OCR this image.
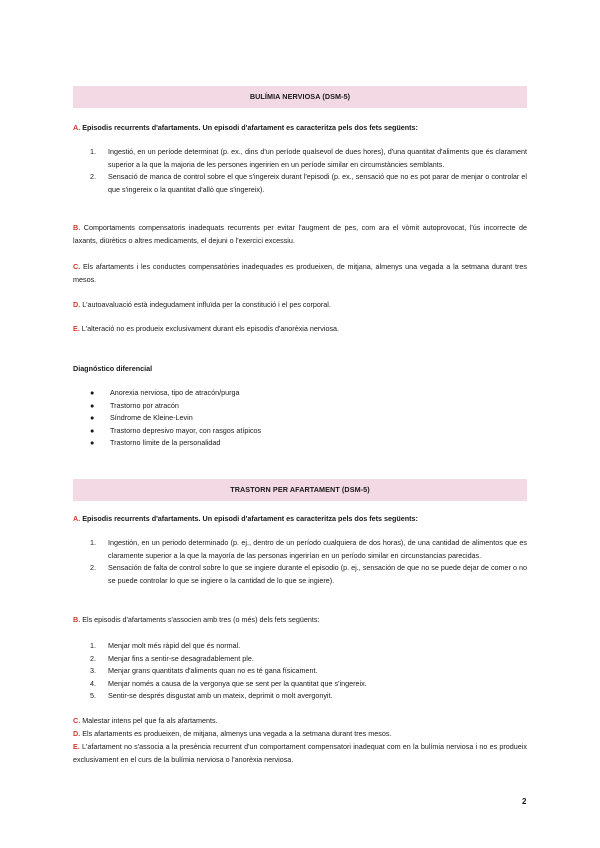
BULÍMIA NERVIOSA (DSM-5)
A. Episodis recurrents d'afartaments. Un episodi d'afartament es caracteritza pels dos fets següents:
1. Ingestió, en un període determinat (p. ex., dins d'un període qualsevol de dues hores), d'una quantitat d'aliments que és clarament superior a la que la majoria de les persones ingeririen en un període similar en circumstàncies semblants.
2. Sensació de manca de control sobre el que s'ingereix durant l'episodi (p. ex., sensació que no es pot parar de menjar o controlar el que s'ingereix o la quantitat d'allò que s'ingereix).
B. Comportaments compensatoris inadequats recurrents per evitar l'augment de pes, com ara el vòmit autoprovocat, l'ús incorrecte de laxants, diürètics o altres medicaments, el dejuni o l'exercici excessiu.
C. Els afartaments i les conductes compensatòries inadequades es produeixen, de mitjana, almenys una vegada a la setmana durant tres mesos.
D. L'autoavaluació està indegudament influïda per la constitució i el pes corporal.
E. L'alteració no es produeix exclusivament durant els episodis d'anorèxia nerviosa.
Diagnóstico diferencial
● Anorexia nerviosa, tipo de atracón/purga
● Trastorno por atracón
● Síndrome de Kleine-Levin
● Trastorno depresivo mayor, con rasgos atípicos
● Trastorno límite de la personalidad
TRASTORN PER AFARTAMENT (DSM-5)
A. Episodis recurrents d'afartaments. Un episodi d'afartament es caracteritza pels dos fets següents:
1. Ingestión, en un periodo determinado (p. ej., dentro de un período cualquiera de dos horas), de una cantidad de alimentos que es claramente superior a la que la mayoría de las personas ingerirían en un período similar en circunstancias parecidas.
2. Sensación de falta de control sobre lo que se ingiere durante el episodio (p. ej., sensación de que no se puede dejar de comer o no se puede controlar lo que se ingiere o la cantidad de lo que se ingiere).
B. Els episodis d'afartaments s'associen amb tres (o més) dels fets següents:
1. Menjar molt més ràpid del que és normal.
2. Menjar fins a sentir-se desagradablement ple.
3. Menjar grans quantitats d'aliments quan no es té gana físicament.
4. Menjar només a causa de la vergonya que se sent per la quantitat que s'ingereix.
5. Sentir-se després disgustat amb un mateix, deprimit o molt avergonyit.
C. Malestar intens pel que fa als afartaments.
D. Els afartaments es produeixen, de mitjana, almenys una vegada a la setmana durant tres mesos.
E. L'afartament no s'associa a la presència recurrent d'un comportament compensatori inadequat com en la bulímia nerviosa i no es produeix exclusivament en el curs de la bulímia nerviosa o l'anorèxia nerviosa.
2
